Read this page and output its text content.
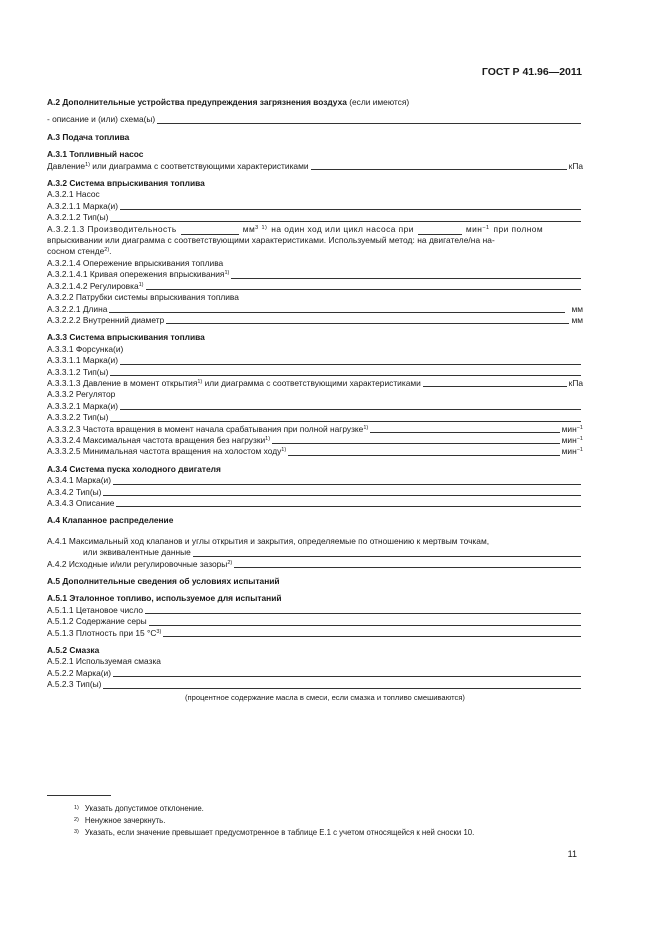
ГОСТ Р 41.96—2011
А.2 Дополнительные устройства предупреждения загрязнения воздуха (если имеются)
- описание и (или) схема(ы)
А.3 Подача топлива
А.3.1 Топливный насос
Давление$^{1)}$ или диаграмма с соответствующими характеристиками	кПа
А.3.2 Система впрыскивания топлива
А.3.2.1 Насос
А.3.2.1.1 Марка(и)
А.3.2.1.2 Тип(ы)
А.3.2.1.3 Производительность	$мм^3$ $^{1)}$ на один ход или цикл насоса при	мин$^{-1}$ при полном
впрыскивании или диаграмма с соответствующими характеристиками. Используемый метод: на двигателе/на на-
сосном стенде$^{2)}$ .
А.3.2.1.4 Опережение впрыскивания топлива
А.3.2.1.4.1 Кривая опережения впрыскивания$^{1)}$
А.3.2.1.4.2 Регулировка$^{1)}$
А.3.2.2 Патрубки системы впрыскивания топлива
А.3.2.2.1 Длина	мм
А.3.2.2.2 Внутренний диаметр	мм
А.3.3 Система впрыскивания топлива
А.3.3.1 Форсунка(и)
А.3.3.1.1 Марка(и)
А.3.3.1.2 Тип(ы)
А.3.3.1.3 Давление в момент открытия$^{1)}$ или диаграмма с соответствующими характеристиками	кПа
А.3.3.2 Регулятор
А.3.3.2.1 Марка(и)
А.3.3.2.2 Тип(ы)
А.3.3.2.3 Частота вращения в момент начала срабатывания при полной нагрузке$^{1)}$	мин$^{-1}$
А.3.3.2.4 Максимальная частота вращения без нагрузки$^{1)}$	мин$^{-1}$
А.3.3.2.5 Минимальная частота вращения на холостом ходу$^{1)}$	мин$^{-1}$
А.3.4 Система пуска холодного двигателя
А.3.4.1 Марка(и)
А.3.4.2 Тип(ы)
А.3.4.3 Описание
А.4 Клапанное распределение
А.4.1 Максимальный ход клапанов и углы открытия и закрытия, определяемые по отношению к мертвым точкам,
или эквивалентные данные
А.4.2 Исходные и/или регулировочные зазоры$^{2)}$
А.5 Дополнительные сведения об условиях испытаний
А.5.1 Эталонное топливо, используемое для испытаний
А.5.1.1 Цетановое число
А.5.1.2 Содержание серы
А.5.1.3 Плотность при 15 $^\circ С^{3)}$
А.5.2 Смазка
А.5.2.1 Используемая смазка
А.5.2.2 Марка(и)
А.5.2.3 Тип(ы)
(процентное содержание масла в смеси, если смазка и топливо смешиваются)
$^{1)}$ Указать допустимое отклонение.
$^{2)}$ Ненужное зачеркнуть.
$^{3)}$ Указать, если значение превышает предусмотренное в таблице Е.1 с учетом относящейся к ней сноски 10.
11
